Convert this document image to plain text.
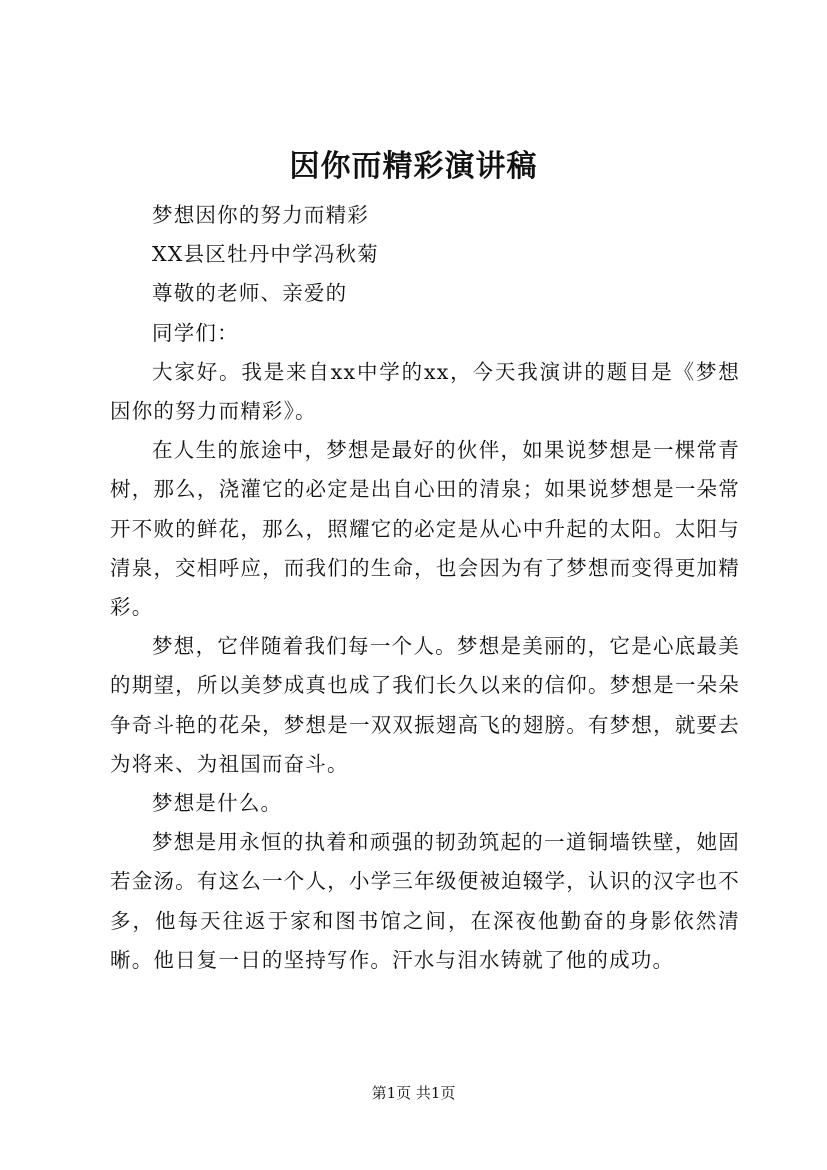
因你而精彩演讲稿

梦想因你的努力而精彩

XX县区牡丹中学冯秋菊

尊敬的老师、亲爱的

同学们：

大家好。我是来自xx中学的xx，今天我演讲的题目是《梦想因你的努力而精彩》。

在人生的旅途中，梦想是最好的伙伴，如果说梦想是一棵常青树，那么，浇灌它的必定是出自心田的清泉；如果说梦想是一朵常开不败的鲜花，那么，照耀它的必定是从心中升起的太阳。太阳与清泉，交相呼应，而我们的生命，也会因为有了梦想而变得更加精彩。

梦想，它伴随着我们每一个人。梦想是美丽的，它是心底最美的期望，所以美梦成真也成了我们长久以来的信仰。梦想是一朵朵争奇斗艳的花朵，梦想是一双双振翅高飞的翅膀。有梦想，就要去为将来、为祖国而奋斗。

梦想是什么。

梦想是用永恒的执着和顽强的韧劲筑起的一道铜墙铁壁，她固若金汤。有这么一个人，小学三年级便被迫辍学，认识的汉字也不多，他每天往返于家和图书馆之间，在深夜他勤奋的身影依然清晰。他日复一日的坚持写作。汗水与泪水铸就了他的成功。

第1页 共1页
